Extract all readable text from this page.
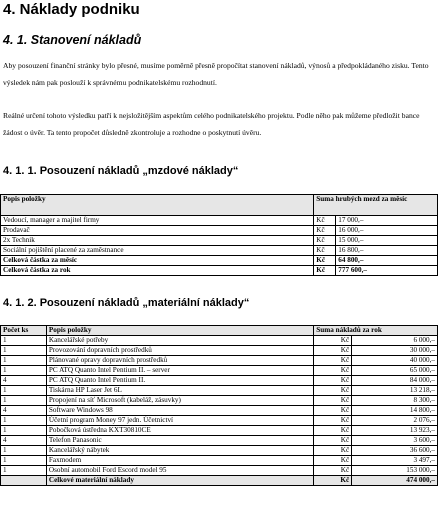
4. Náklady podniku
4. 1. Stanovení nákladů
Aby posouzení finanční stránky bylo přesné, musíme poměrně přesně propočítat stanovení nákladů, výnosů a předpokládaného zisku. Tento výsledek nám pak poslouží k správnému podnikatelskému rozhodnutí.
Reálné určení tohoto výsledku patří k nejsložitějším aspektům celého podnikatelského projektu. Podle něho pak můžeme předložit bance žádost o úvěr. Ta tento propočet důsledně zkontroluje a rozhodne o poskytnutí úvěru.
4. 1. 1. Posouzení nákladů „mzdové náklady“
Popis položky	Suma hrubých mezd za měsíc	
Vedoucí, manager a majitel firmy	Kč	17 000,–
Prodavač	Kč	16 000,–
2x Technik	Kč	15 000,–
Sociální pojištění placené za zaměstnance	Kč	16 800,–
Celková částka za měsíc	Kč	64 800,–
Celková částka za rok	Kč	777 600,–
4. 1. 2. Posouzení nákladů „materiální náklady“
Počet ks	Popis položky	Suma nákladů za rok	
1	Kancelářské potřeby	Kč	6 000,–
1	Provozování dopravních prostředků	Kč	30 000,–
1	Plánované opravy dopravních prostředků	Kč	40 000,–
1	PC ATQ Quanto Intel Pentium II. – server	Kč	65 000,–
4	PC ATQ Quanto Intel Pentium II.	Kč	84 000,–
1	Tiskárna HP Laser Jet 6L	Kč	13 218,–
1	Propojení na síť Microsoft (kabeláž, zásuvky)	Kč	8 300,–
4	Software Windows 98	Kč	14 800,–
1	Účetní program Money 97 jedn. Účetnictví	Kč	2 076,–
1	Pobočková ústředna KXT30810CE	Kč	13 923,–
4	Telefon Panasonic	Kč	3 600,–
1	Kancelářský nábytek	Kč	36 600,–
1	Faxmodem	Kč	3 497,–
1	Osobní automobil Ford Escord model 95	Kč	153 000,–
	Celkové materiální náklady	Kč	474 000,–
